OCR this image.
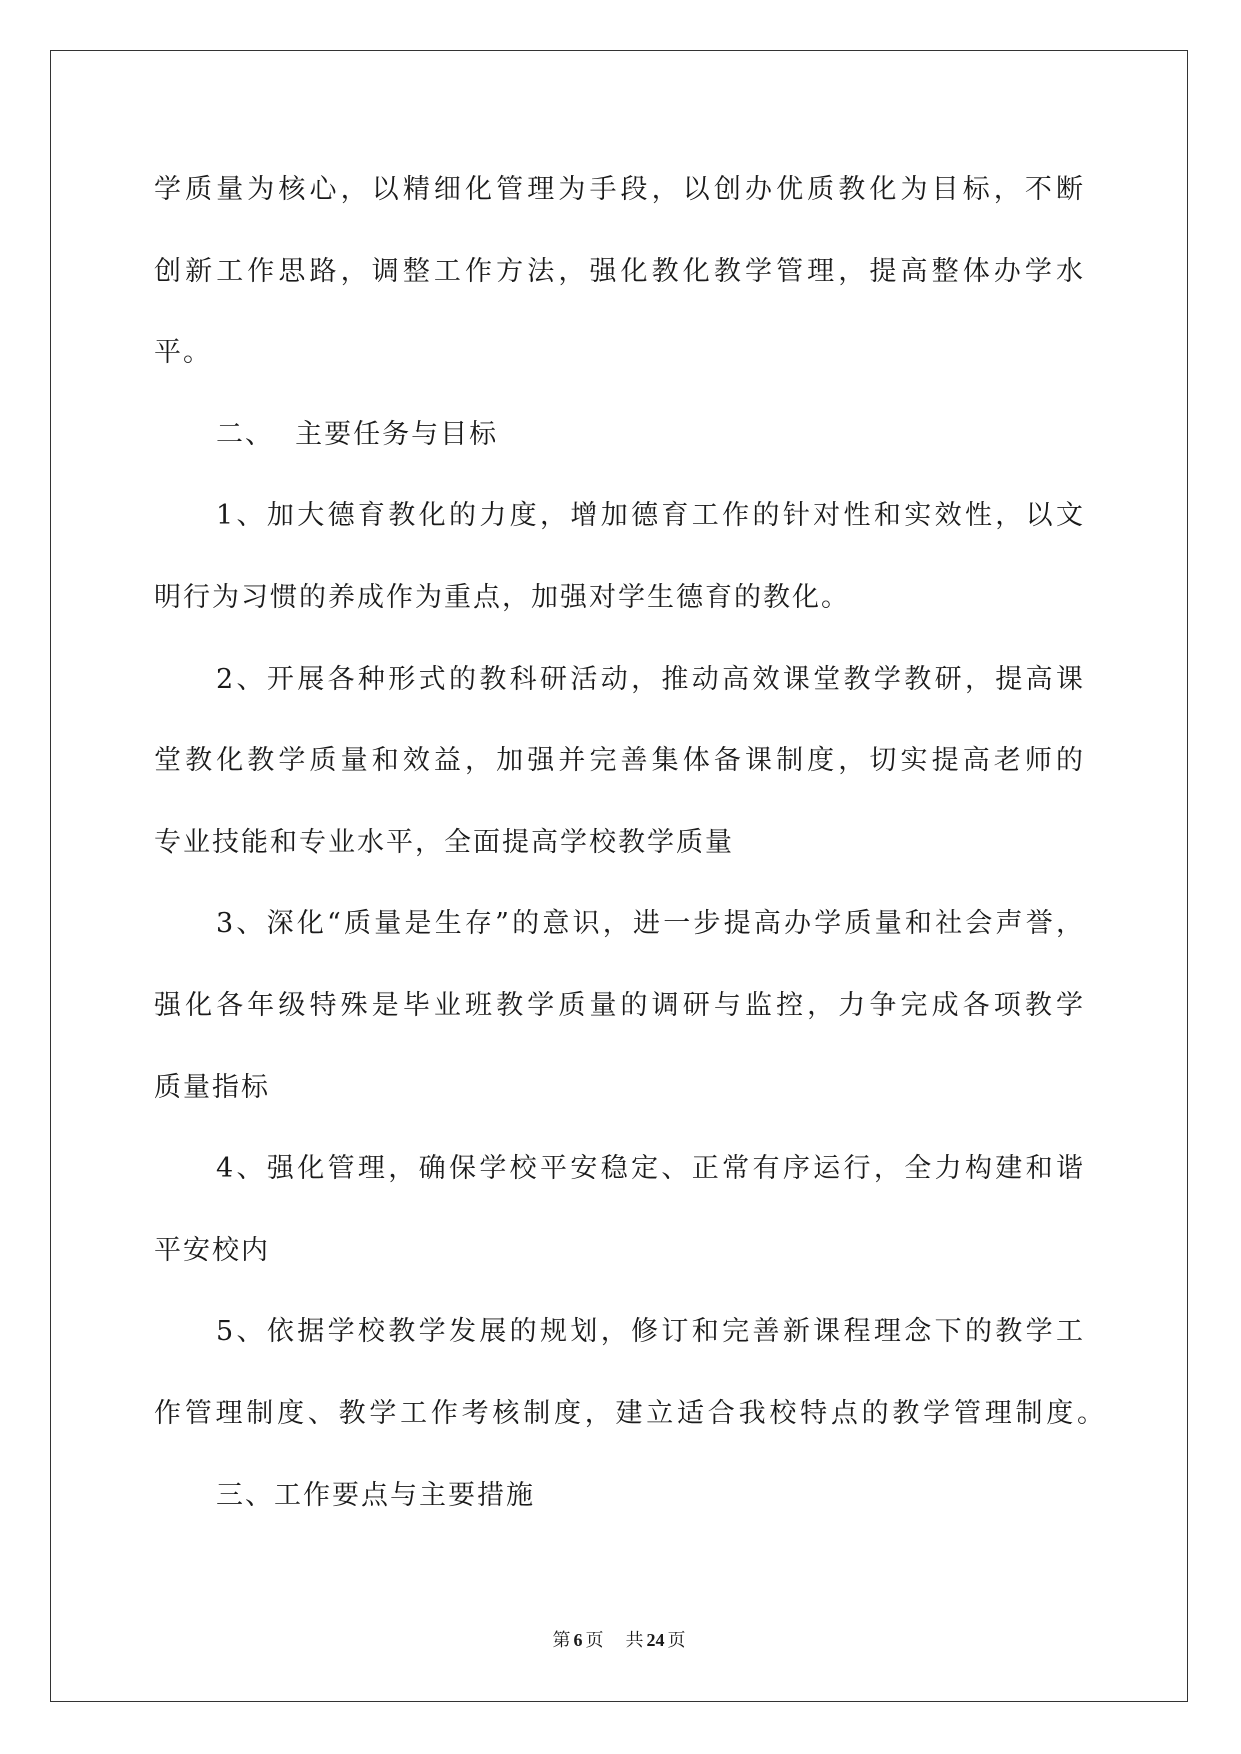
学质量为核心，以精细化管理为手段，以创办优质教化为目标，不断
创新工作思路，调整工作方法，强化教化教学管理，提高整体办学水
平。
二、  主要任务与目标
1、加大德育教化的力度，增加德育工作的针对性和实效性，以文
明行为习惯的养成作为重点，加强对学生德育的教化。
2、开展各种形式的教科研活动，推动高效课堂教学教研，提高课
堂教化教学质量和效益，加强并完善集体备课制度，切实提高老师的
专业技能和专业水平，全面提高学校教学质量
3、深化“质量是生存”的意识，进一步提高办学质量和社会声誉，
强化各年级特殊是毕业班教学质量的调研与监控，力争完成各项教学
质量指标
4、强化管理，确保学校平安稳定、正常有序运行，全力构建和谐
平安校内
5、依据学校教学发展的规划，修订和完善新课程理念下的教学工
作管理制度、教学工作考核制度，建立适合我校特点的教学管理制度。
三、工作要点与主要措施
第 6 页 共 24 页
